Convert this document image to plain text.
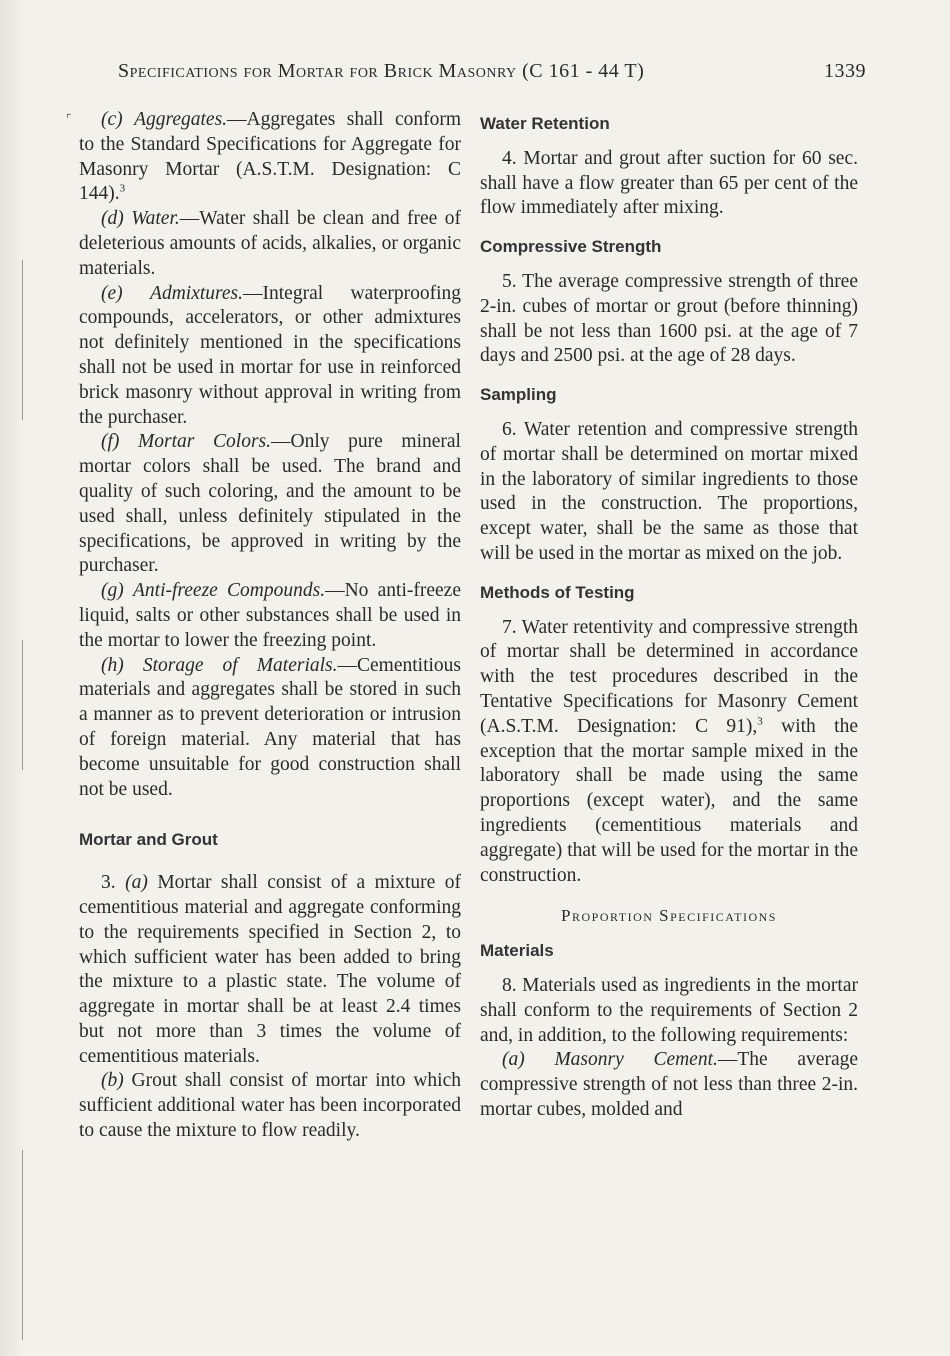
⌜
Specifications for Mortar for Brick Masonry (C 161 - 44 T)	1339

(c) Aggregates.—Aggregates shall conform to the Standard Specifications for Aggregate for Masonry Mortar (A.S.T.M. Designation: C 144).$^3$

(d) Water.—Water shall be clean and free of deleterious amounts of acids, alkalies, or organic materials.

(e) Admixtures.—Integral waterproofing compounds, accelerators, or other admixtures not definitely mentioned in the specifications shall not be used in mortar for use in reinforced brick masonry without approval in writing from the purchaser.

(f) Mortar Colors.—Only pure mineral mortar colors shall be used. The brand and quality of such coloring, and the amount to be used shall, unless definitely stipulated in the specifications, be approved in writing by the purchaser.

(g) Anti-freeze Compounds.—No anti-freeze liquid, salts or other substances shall be used in the mortar to lower the freezing point.

(h) Storage of Materials.—Cementitious materials and aggregates shall be stored in such a manner as to prevent deterioration or intrusion of foreign material. Any material that has become unsuitable for good construction shall not be used.

Mortar and Grout

3. (a) Mortar shall consist of a mixture of cementitious material and aggregate conforming to the requirements specified in Section 2, to which sufficient water has been added to bring the mixture to a plastic state. The volume of aggregate in mortar shall be at least 2.4 times but not more than 3 times the volume of cementitious materials.

(b) Grout shall consist of mortar into which sufficient additional water has been incorporated to cause the mixture to flow readily.

Water Retention

4. Mortar and grout after suction for 60 sec. shall have a flow greater than 65 per cent of the flow immediately after mixing.

Compressive Strength

5. The average compressive strength of three 2-in. cubes of mortar or grout (before thinning) shall be not less than 1600 psi. at the age of 7 days and 2500 psi. at the age of 28 days.

Sampling

6. Water retention and compressive strength of mortar shall be determined on mortar mixed in the laboratory of similar ingredients to those used in the construction. The proportions, except water, shall be the same as those that will be used in the mortar as mixed on the job.

Methods of Testing

7. Water retentivity and compressive strength of mortar shall be determined in accordance with the test procedures described in the Tentative Specifications for Masonry Cement (A.S.T.M. Designation: C 91),$^3$ with the exception that the mortar sample mixed in the laboratory shall be made using the same proportions (except water), and the same ingredients (cementitious materials and aggregate) that will be used for the mortar in the construction.

Proportion Specifications
Materials

8. Materials used as ingredients in the mortar shall conform to the requirements of Section 2 and, in addition, to the following requirements:

(a) Masonry Cement.—The average compressive strength of not less than three 2-in. mortar cubes, molded and
